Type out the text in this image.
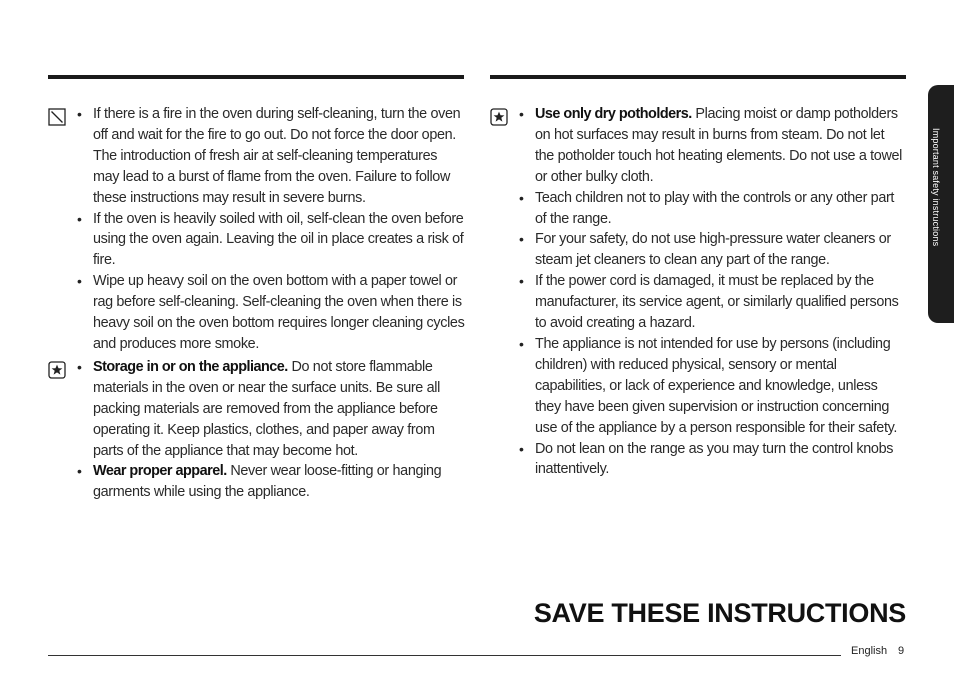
• If there is a fire in the oven during self-cleaning, turn the oven off and wait for the fire to go out. Do not force the door open. The introduction of fresh air at self-cleaning temperatures may lead to a burst of flame from the oven. Failure to follow these instructions may result in severe burns.
• If the oven is heavily soiled with oil, self-clean the oven before using the oven again. Leaving the oil in place creates a risk of fire.
• Wipe up heavy soil on the oven bottom with a paper towel or rag before self-cleaning. Self-cleaning the oven when there is heavy soil on the oven bottom requires longer cleaning cycles and produces more smoke.
• Storage in or on the appliance. Do not store flammable materials in the oven or near the surface units. Be sure all packing materials are removed from the appliance before operating it. Keep plastics, clothes, and paper away from parts of the appliance that may become hot.
• Wear proper apparel. Never wear loose-fitting or hanging garments while using the appliance.
• Use only dry potholders. Placing moist or damp potholders on hot surfaces may result in burns from steam. Do not let the potholder touch hot heating elements. Do not use a towel or other bulky cloth.
• Teach children not to play with the controls or any other part of the range.
• For your safety, do not use high-pressure water cleaners or steam jet cleaners to clean any part of the range.
• If the power cord is damaged, it must be replaced by the manufacturer, its service agent, or similarly qualified persons to avoid creating a hazard.
• The appliance is not intended for use by persons (including children) with reduced physical, sensory or mental capabilities, or lack of experience and knowledge, unless they have been given supervision or instruction concerning use of the appliance by a person responsible for their safety.
• Do not lean on the range as you may turn the control knobs inattentively.
Important safety instructions
SAVE THESE INSTRUCTIONS
English 9
